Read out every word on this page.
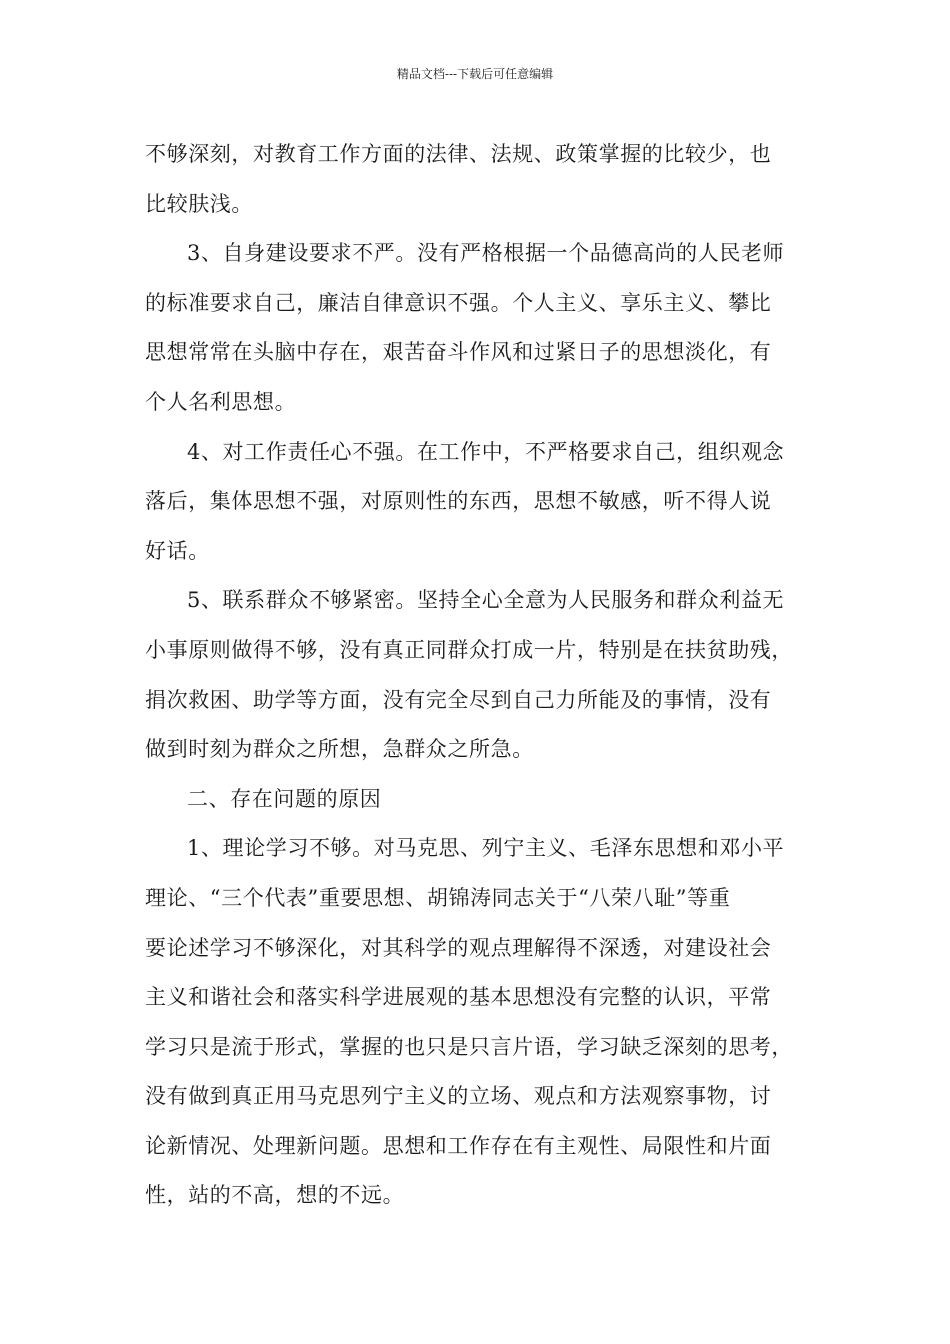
精品文档---下载后可任意编辑
不够深刻，对教育工作方面的法律、法规、政策掌握的比较少，也
比较肤浅。
3、自身建设要求不严。没有严格根据一个品德高尚的人民老师
的标准要求自己，廉洁自律意识不强。个人主义、享乐主义、攀比
思想常常在头脑中存在，艰苦奋斗作风和过紧日子的思想淡化，有
个人名利思想。
4、对工作责任心不强。在工作中，不严格要求自己，组织观念
落后，集体思想不强，对原则性的东西，思想不敏感，听不得人说
好话。
5、联系群众不够紧密。坚持全心全意为人民服务和群众利益无
小事原则做得不够，没有真正同群众打成一片，特别是在扶贫助残，
捐次救困、助学等方面，没有完全尽到自己力所能及的事情，没有
做到时刻为群众之所想，急群众之所急。
二、存在问题的原因
1、理论学习不够。对马克思、列宁主义、毛泽东思想和邓小平
理论、“三个代表”重要思想、胡锦涛同志关于“八荣八耻”等重
要论述学习不够深化，对其科学的观点理解得不深透，对建设社会
主义和谐社会和落实科学进展观的基本思想没有完整的认识，平常
学习只是流于形式，掌握的也只是只言片语，学习缺乏深刻的思考，
没有做到真正用马克思列宁主义的立场、观点和方法观察事物，讨
论新情况、处理新问题。思想和工作存在有主观性、局限性和片面
性，站的不高，想的不远。
